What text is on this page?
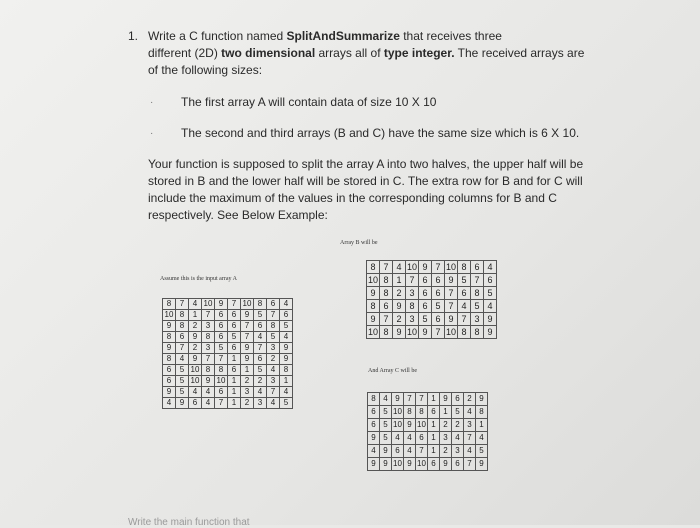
1. Write a C function named SplitAndSummarize that receives three
different (2D) two dimensional arrays all of type integer. The received arrays are
of the following sizes:
· The first array A will contain data of size 10 X 10
· The second and third arrays (B and C) have the same size which is 6 X 10.
Your function is supposed to split the array A into two halves, the upper half will be
stored in B and the lower half will be stored in C. The extra row for B and for C will
include the maximum of the values in the corresponding columns for B and C
respectively. See Below Example:
Array B will be
Assume this is the input array A
And Array C will be
8	7	4	10	9	7	10	8	6	4
10	8	1	7	6	6	9	5	7	6
9	8	2	3	6	6	7	6	8	5
8	6	9	8	6	5	7	4	5	4
9	7	2	3	5	6	9	7	3	9
8	4	9	7	7	1	9	6	2	9
6	5	10	8	8	6	1	5	4	8
6	5	10	9	10	1	2	2	3	1
9	5	4	4	6	1	3	4	7	4
4	9	6	4	7	1	2	3	4	5
8	7	4	10	9	7	10	8	6	4
10	8	1	7	6	6	9	5	7	6
9	8	2	3	6	6	7	6	8	5
8	6	9	8	6	5	7	4	5	4
9	7	2	3	5	6	9	7	3	9
10	8	9	10	9	7	10	8	8	9
8	4	9	7	7	1	9	6	2	9
6	5	10	8	8	6	1	5	4	8
6	5	10	9	10	1	2	2	3	1
9	5	4	4	6	1	3	4	7	4
4	9	6	4	7	1	2	3	4	5
9	9	10	9	10	6	9	6	7	9
Write the main function that
